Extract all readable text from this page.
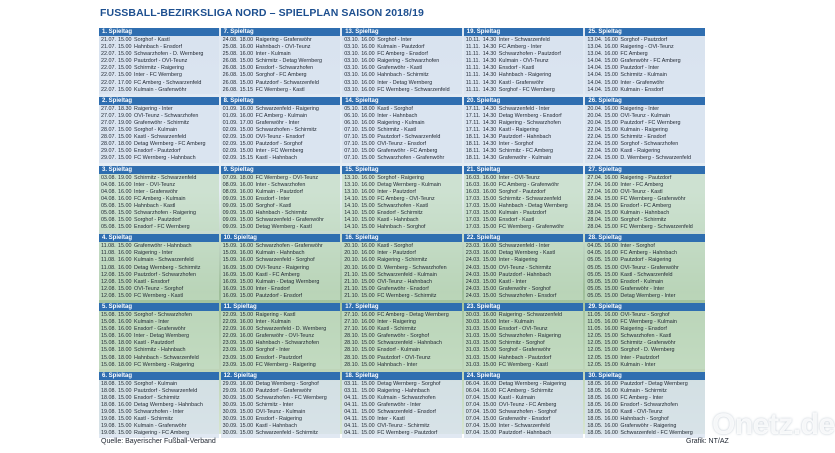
FUSSBALL-BEZIRKSLIGA NORD – SPIELPLAN SAISON 2018/19
1. Spieltag
21.07. 15.00 Sorghof - Kastl
21.07. 15.00 Hahnbach - Ensdorf
22.07. 15.00 Schwarzhofen - D. Wernberg
22.07. 15.00 Pautzdorf - OVI-Teunz
22.07. 15.00 Schirmitz - Raigering
22.07. 15.00 Inter - FC Wernberg
22.07. 17.00 FC Amberg - Schwarzenfeld
22.07. 15.00 Kulmain - Grafenwöhr
7. Spieltag
24.08. 18.00 Raigering - Grafenwöhr
25.08. 16.00 Hahnbach - OVI-Teunz
25.08. 16.00 Inter - Kulmain
26.08. 15.00 Schirmitz - Detag Wernberg
26.08. 15.00 Ensdorf - Schwarzhofen
26.08. 15.00 Sorghof - FC Amberg
26.08. 15.00 Pautzdorf - Schwarzenfeld
26.08. 15.15 FC Wernberg - Kastl
13. Spieltag
03.10. 16.00 Sorghof - Inter
03.10. 16.00 Kulmain - Pautzdorf
03.10. 16.00 FC Amberg - Ensdorf
03.10. 16.00 Raigering - Schwarzhofen
03.10. 16.00 Grafenwöhr - Kastl
03.10. 16.00 Hahnbach - Schirmitz
03.10. 16.00 Inter - Detag Wernberg
03.10. 16.00 FC Wernberg - Schwarzenfeld
19. Spieltag
10.11. 14.30 Inter - Schwarzenfeld
11.11. 14.30 FC Amberg - Inter
11.11. 14.30 Schwarzhofen - Pautzdorf
11.11. 14.30 Kulmain - OVI-Teunz
11.11. 14.30 Ensdorf - Kastl
11.11. 14.30 Hahnbach - Raigering
11.11. 14.30 Kastl - Grafenwöhr
11.11. 14.30 Sorghof - FC Wernberg
25. Spieltag
13.04. 16.00 Sorghof - Pautzdorf
13.04. 16.00 Raigering - OVI-Teunz
13.04. 16.00 FC Amberg
14.04. 15.00 Grafenwöhr - FC Amberg
14.04. 15.00 Pautzdorf - Inter
14.04. 15.00 Schirmitz - Kulmain
14.04. 15.00 Inter - Grafenwöhr
14.04. 15.00 Kulmain - Ensdorf
2. Spieltag
27.07. 18.30 Raigering - Inter
27.07. 19.00 OVI-Teunz - Schwarzhofen
27.07. 19.00 Grafenwöhr - Schirmitz
28.07. 15.00 Sorghof - Kulmain
28.07. 15.00 Kastl - Schwarzenfeld
28.07. 18.00 Detag Wernberg - FC Amberg
29.07. 15.00 Ensdorf - Pautzdorf
29.07. 15.00 FC Wernberg - Hahnbach
8. Spieltag
01.09. 16.00 Schwarzenfeld - Raigering
01.09. 16.00 FC Amberg - Kulmain
01.09. 17.00 Grafenwöhr - Inter
02.09. 15.00 Schwarzhofen - Schirmitz
02.09. 15.00 OVI-Teunz - Ensdorf
02.09. 15.00 Pautzdorf - Sorghof
02.09. 15.00 Inter - FC Wernberg
02.09. 15.15 Kastl - Hahnbach
14. Spieltag
05.10. 18.00 Kastl - Sorghof
06.10. 16.00 Inter - Hahnbach
06.10. 16.00 Raigering - Kulmain
07.10. 15.00 Schirmitz - Kastl
07.10. 15.00 Pautzdorf - Schwarzenfeld
07.10. 15.00 OVI-Teunz - Ensdorf
07.10. 15.00 Grafenwöhr - FC Amberg
07.10. 15.00 Schwarzhofen - Grafenwöhr
20. Spieltag
17.11. 14.30 Schwarzenfeld - Inter
17.11. 14.30 Detag Wernberg - Ensdorf
17.11. 14.30 Raigering - Schwarzhofen
17.11. 14.30 Kastl - Raigering
18.11. 14.30 Pautzdorf - Hahnbach
18.11. 14.30 Inter - Sorghof
18.11. 14.30 Schirmitz - FC Amberg
18.11. 14.30 Grafenwöhr - Kulmain
26. Spieltag
20.04. 16.00 Raigering - Inter
20.04. 15.00 OVI-Teunz - Kulmain
20.04. 15.00 Pautzdorf - FC Wernberg
22.04. 15.00 Kulmain - Raigering
22.04. 15.00 Schirmitz - Ensdorf
22.04. 15.00 Sorghof - Schwarzhofen
22.04. 15.00 Kastl - Raigering
22.04. 15.00 D. Wernberg - Schwarzenfeld
3. Spieltag
03.08. 19.00 Schirmitz - Schwarzenfeld
04.08. 16.00 Inter - OVI-Teunz
04.08. 16.00 Inter - Grafenwöhr
04.08. 16.00 FC Amberg - Kulmain
05.08. 15.00 Hahnbach - Kastl
05.08. 15.00 Schwarzhofen - Raigering
05.08. 15.00 Sorghof - Pautzdorf
05.08. 15.00 Ensdorf - FC Wernberg
9. Spieltag
07.09. 18.00 FC Wernberg - OVI-Teunz
08.09. 16.00 Inter - Schwarzhofen
08.09. 16.00 Kulmain - Pautzdorf
09.09. 15.00 Ensdorf - Inter
09.09. 15.00 Sorghof - Kastl
09.09. 15.00 Hahnbach - Schirmitz
09.09. 15.00 Schwarzenfeld - Grafenwöhr
09.09. 15.00 Detag Wernberg - Kastl
15. Spieltag
13.10. 16.00 Sorghof - Raigering
13.10. 16.00 Detag Wernberg - Kulmain
13.10. 16.00 Inter - Pautzdorf
14.10. 15.00 FC Amberg - OVI-Teunz
14.10. 15.00 Schwarzhofen - Kastl
14.10. 15.00 Ensdorf - Schirmitz
14.10. 15.00 Kastl - Hahnbach
14.10. 15.00 Hahnbach - Sorghof
21. Spieltag
16.03. 16.00 Inter - OVI-Teunz
16.03. 16.00 FC Amberg - Grafenwöhr
16.03. 16.00 Sorghof - Pautzdorf
17.03. 15.00 Schirmitz - Schwarzenfeld
17.03. 15.00 Hahnbach - Detag Wernberg
17.03. 15.00 Kulmain - Pautzdorf
17.03. 15.00 Ensdorf - Kastl
17.03. 15.00 FC Wernberg - Grafenwöhr
27. Spieltag
27.04. 16.00 Raigering - Pautzdorf
27.04. 16.00 Inter - FC Amberg
27.04. 16.00 OVI-Teunz - Kastl
28.04. 15.00 FC Wernberg - Grafenwöhr
28.04. 15.00 Ensdorf - FC Amberg
28.04. 15.00 Kulmain - Hahnbach
28.04. 15.00 Sorghof - Schirmitz
28.04. 15.00 FC Wernberg - Schwarzenfeld
4. Spieltag
11.08. 15.00 Grafenwöhr - Hahnbach
11.08. 16.00 Raigering - Inter
11.08. 16.00 Kulmain - Schwarzenfeld
11.08. 16.00 Detag Wernberg - Schirmitz
12.08. 15.00 Pautzdorf - Schwarzhofen
12.08. 15.00 Kastl - Ensdorf
12.08. 15.00 OVI-Teunz - Sorghof
12.08. 15.00 FC Wernberg - Kastl
10. Spieltag
15.09. 16.00 Schwarzhofen - Grafenwöhr
15.09. 16.00 Kulmain - Hahnbach
15.09. 16.00 Schwarzenfeld - Sorghof
16.09. 15.00 OVI-Teunz - Raigering
16.09. 15.00 Kastl - FC Amberg
16.09. 15.00 Kulmain - Detag Wernberg
16.09. 15.00 Inter - Ensdorf
16.09. 15.00 Pautzdorf - Ensdorf
16. Spieltag
20.10. 16.00 Kastl - Sorghof
20.10. 16.00 Inter - Pautzdorf
20.10. 16.00 Raigering - Schirmitz
20.10. 16.00 D. Wernberg - Schwarzhofen
21.10. 15.00 Schwarzenfeld - Kulmain
21.10. 15.00 OVI-Teunz - Hahnbach
21.10. 15.00 Grafenwöhr - Ensdorf
21.10. 15.00 FC Wernberg - Schirmitz
22. Spieltag
23.03. 16.00 Schwarzenfeld - Inter
23.03. 16.00 Detag Wernberg - Kastl
24.03. 15.00 Inter - Raigering
24.03. 15.00 OVI-Teunz - Schirmitz
24.03. 15.00 Pautzdorf - Hahnbach
24.03. 15.00 Kastl - Inter
24.03. 15.00 Grafenwöhr - Sorghof
24.03. 15.00 Schwarzhofen - Ensdorf
28. Spieltag
04.05. 16.00 Inter - Sorghof
04.05. 16.00 FC Amberg - Hahnbach
05.05. 15.00 Pautzdorf - Raigering
05.05. 15.00 OVI-Teunz - Grafenwöhr
05.05. 15.00 Kastl - Schwarzenfeld
05.05. 15.00 Ensdorf - Kulmain
05.05. 15.00 Grafenwöhr - Inter
05.05. 15.00 Detag Wernberg - Inter
5. Spieltag
15.08. 15.00 Sorghof - Schwarzhofen
15.08. 16.00 Kulmain - Inter
15.08. 16.00 Ensdorf - Grafenwöhr
15.08. 16.00 Inter - Detag Wernberg
15.08. 18.00 Kastl - Pautzdorf
15.08. 18.00 Schirmitz - Hahnbach
15.08. 18.00 Hahnbach - Schwarzenfeld
15.08. 18.00 FC Wernberg - Raigering
11. Spieltag
22.09. 15.00 Raigering - Kastl
22.09. 16.00 Inter - Kulmain
22.09. 16.00 Schwarzenfeld - D. Wernberg
22.09. 16.00 Grafenwöhr - OVI-Teunz
23.09. 15.00 Hahnbach - Schwarzhofen
23.09. 15.00 Sorghof - Inter
23.09. 15.00 Ensdorf - Pautzdorf
23.09. 15.00 FC Wernberg - Raigering
17. Spieltag
27.10. 16.00 FC Amberg - Detag Wernberg
27.10. 16.00 Inter - Raigering
27.10. 16.00 Kastl - Schirmitz
28.10. 15.00 Grafenwöhr - Sorghof
28.10. 15.00 Schwarzenfeld - Hahnbach
28.10. 15.00 Ensdorf - Kulmain
28.10. 15.00 Pautzdorf - OVI-Teunz
28.10. 15.00 Hahnbach - Inter
23. Spieltag
30.03. 16.00 Raigering - Schwarzenfeld
30.03. 16.00 Inter - Kulmain
31.03. 15.00 Ensdorf - OVI-Teunz
31.03. 15.00 Schwarzhofen - Raigering
31.03. 15.00 Schirmitz - Sorghof
31.03. 15.00 Sorghof - Grafenwöhr
31.03. 15.00 Hahnbach - Pautzdorf
31.03. 15.00 FC Wernberg - Kastl
29. Spieltag
11.05. 16.00 OVI-Teunz - Sorghof
11.05. 16.00 FC Wernberg - Kulmain
11.05. 16.00 Raigering - Ensdorf
12.05. 15.00 Schwarzhofen - Kastl
12.05. 15.00 Schirmitz - Grafenwöhr
12.05. 15.00 Sorghof - D. Wernberg
12.05. 15.00 Inter - Pautzdorf
12.05. 15.00 Kulmain - Inter
6. Spieltag
18.08. 15.00 Sorghof - Kulmain
18.08. 15.00 Pautzdorf - Schwarzenfeld
18.08. 15.00 Ensdorf - Schirmitz
18.08. 16.00 Detag Wernberg - Hahnbach
19.08. 15.00 Schwarzhofen - Inter
19.08. 15.00 Kastl - Schirmitz
19.08. 15.00 Kulmain - Grafenwöhr
19.08. 15.00 Raigering - FC Amberg
12. Spieltag
29.09. 16.00 Detag Wernberg - Sorghof
29.09. 16.00 Pautzdorf - Grafenwöhr
30.09. 15.00 Schwarzhofen - FC Wernberg
30.09. 15.00 Schirmitz - Inter
30.09. 15.00 OVI-Teunz - Kulmain
30.09. 15.00 Ensdorf - Raigering
30.09. 15.00 Kastl - Hahnbach
30.09. 15.00 Schwarzenfeld - Schirmitz
18. Spieltag
03.11. 15.00 Detag Wernberg - Sorghof
03.11. 15.00 Raigering - Hahnbach
04.11. 15.00 Kulmain - Schwarzhofen
04.11. 15.00 Grafenwöhr - Inter
04.11. 15.00 Schwarzenfeld - Ensdorf
04.11. 15.00 Inter - Kastl
04.11. 15.00 OVI-Teunz - Schirmitz
04.11. 15.00 FC Wernberg - Pautzdorf
24. Spieltag
06.04. 16.00 Detag Wernberg - Raigering
06.04. 16.00 FC Amberg - Schirmitz
07.04. 15.00 Kastl - Kulmain
07.04. 15.00 OVI-Teunz - FC Amberg
07.04. 15.00 Schwarzhofen - Sorghof
07.04. 15.00 Grafenwöhr - Ensdorf
07.04. 15.00 Inter - Schwarzenfeld
07.04. 15.00 Pautzdorf - Hahnbach
30. Spieltag
18.05. 16.00 Pautzdorf - Detag Wernberg
18.05. 16.00 Kulmain - Schirmitz
18.05. 16.00 FC Amberg - Inter
18.05. 16.00 Ensdorf - Schwarzhofen
18.05. 16.00 Kastl - OVI-Teunz
18.05. 16.00 Hahnbach - Sorghof
18.05. 16.00 Grafenwöhr - Raigering
18.05. 16.00 Schwarzenfeld - FC Wernberg
Quelle: Bayerischer Fußball-Verband	Grafik: NT/AZ
Onetz.de
